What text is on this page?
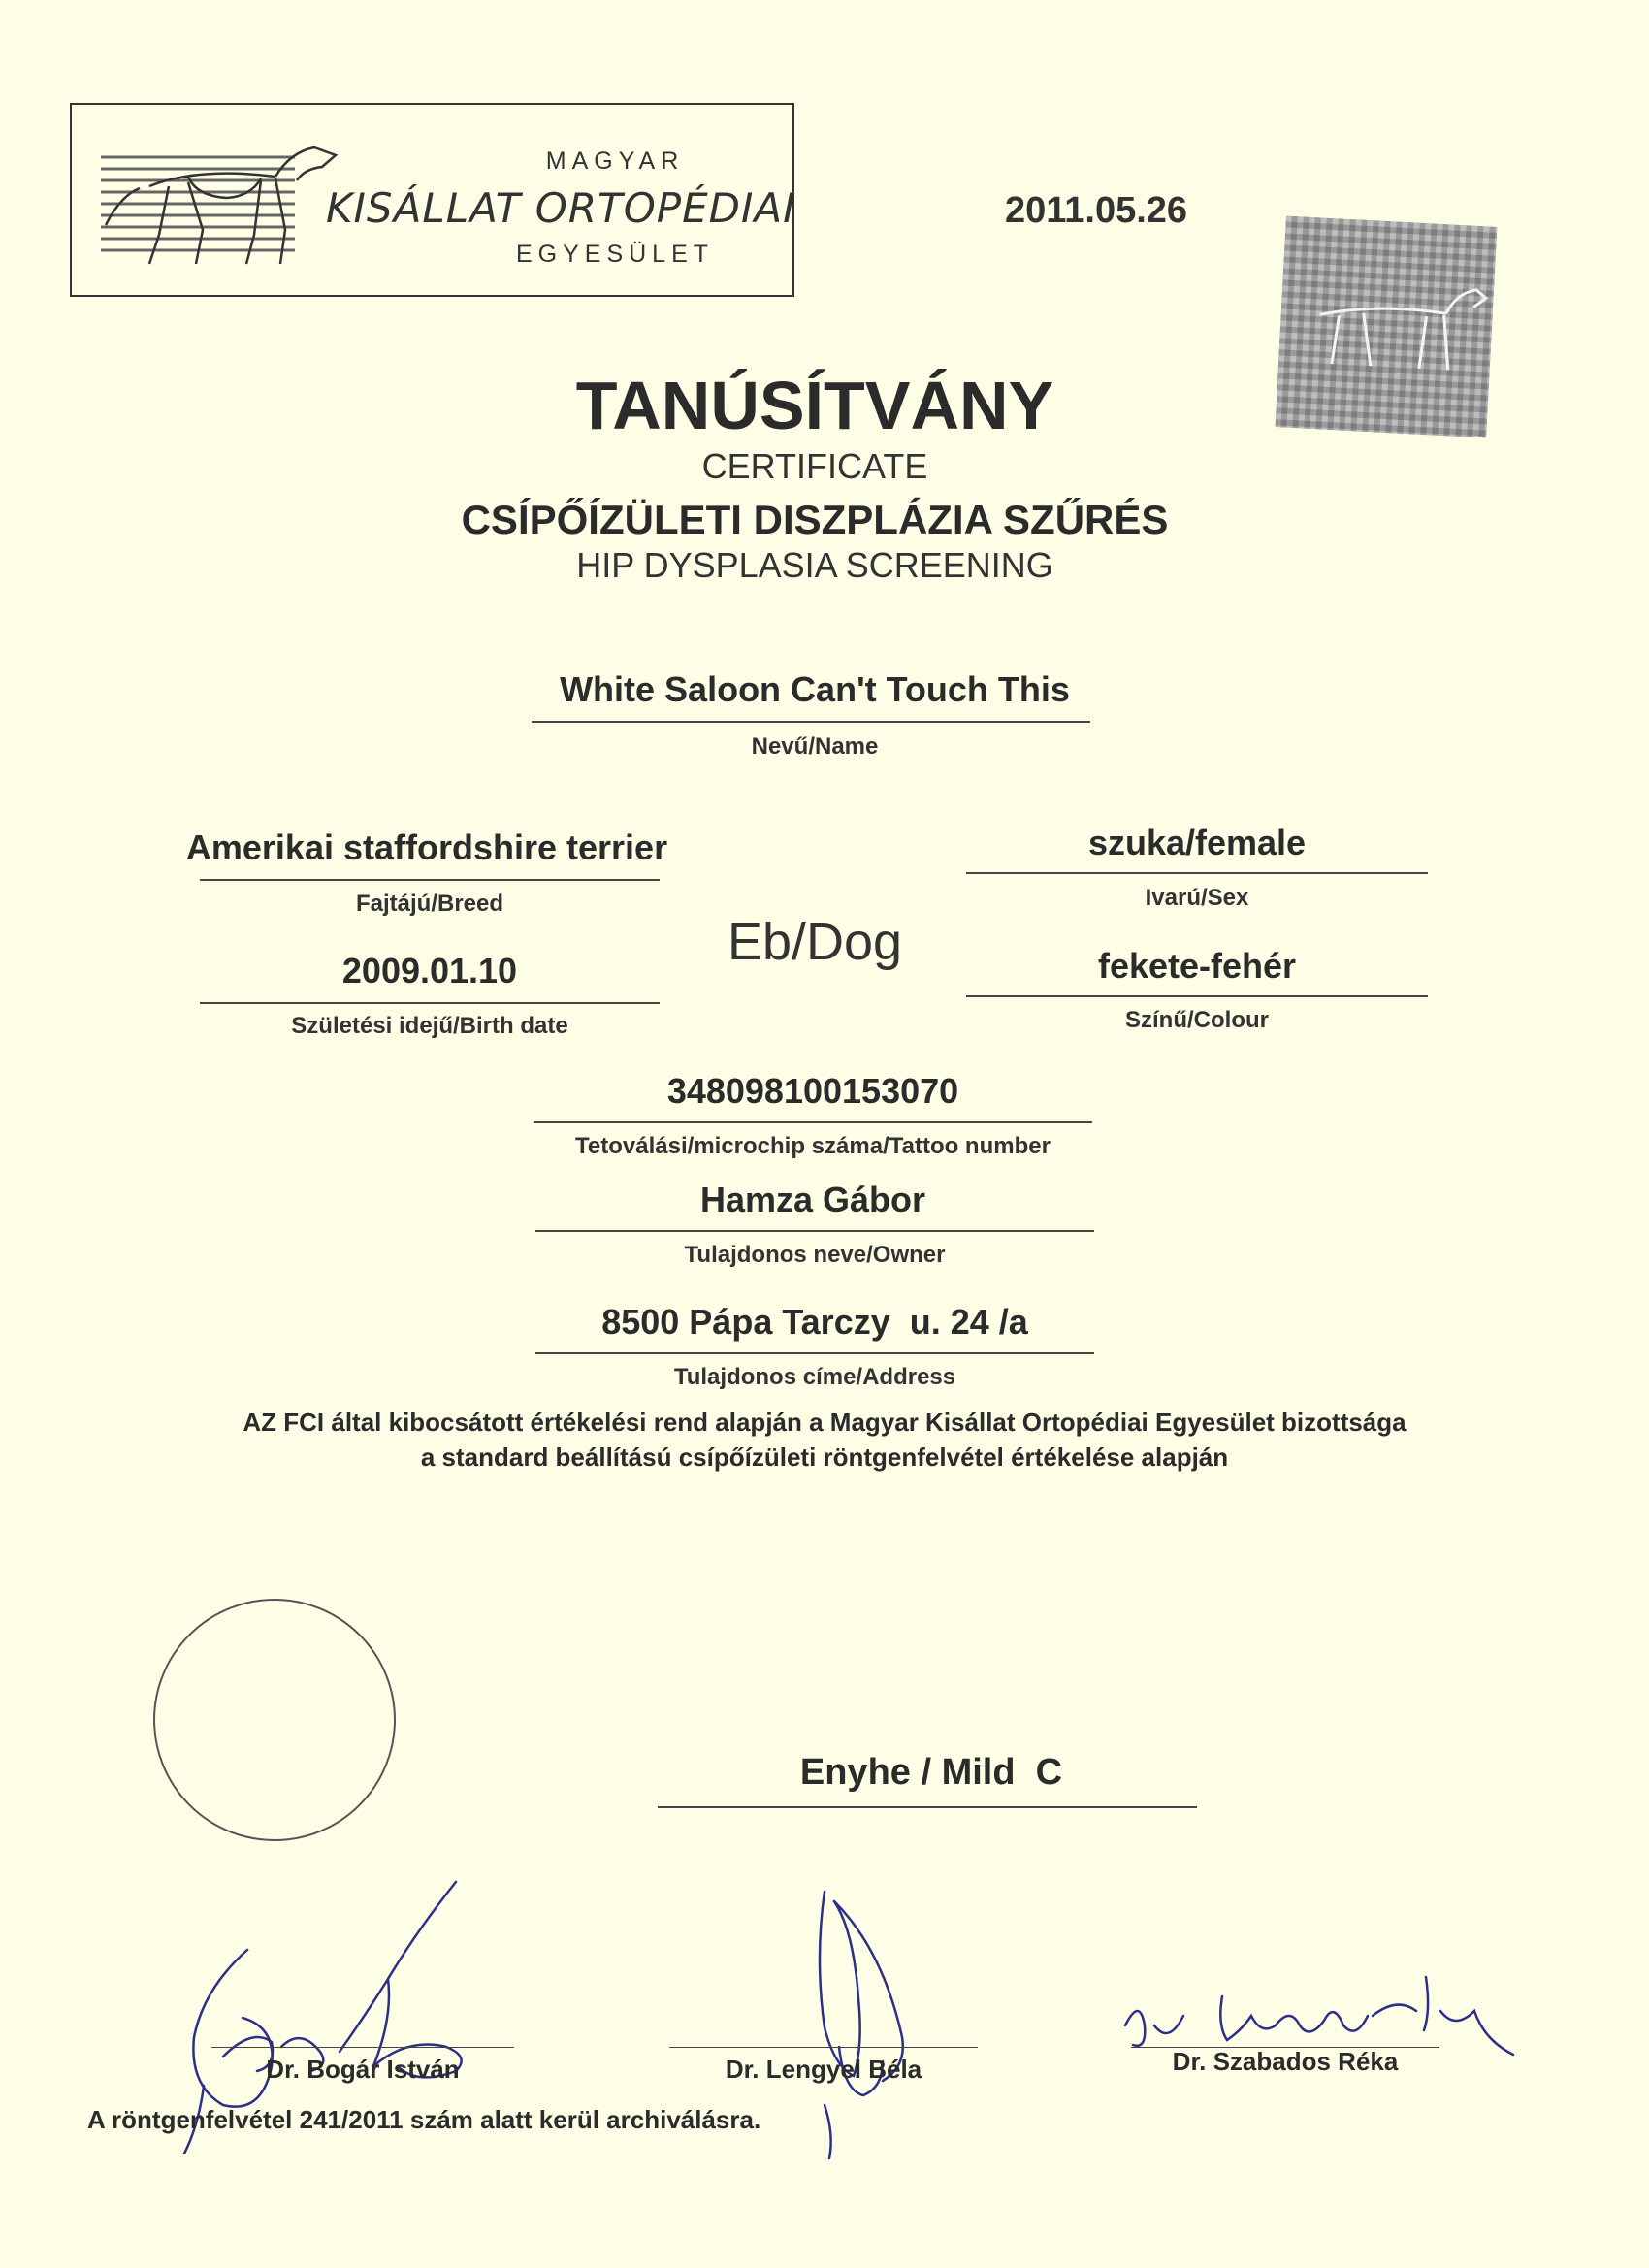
MAGYAR
KISÁLLAT ORTOPÉDIAI
EGYESÜLET
2011.05.26
TANÚSÍTVÁNY
CERTIFICATE
CSÍPŐÍZÜLETI DISZPLÁZIA SZŰRÉS
HIP DYSPLASIA SCREENING
White Saloon Can't Touch This
Nevű/Name
Amerikai staffordshire terrier
Fajtájú/Breed
szuka/female
Ivarú/Sex
Eb/Dog
2009.01.10
Születési idejű/Birth date
fekete-fehér
Színű/Colour
348098100153070
Tetoválási/microchip száma/Tattoo number
Hamza Gábor
Tulajdonos neve/Owner
8500 Pápa Tarczy  u. 24 /a
Tulajdonos címe/Address
AZ FCI által kibocsátott értékelési rend alapján a Magyar Kisállat Ortopédiai Egyesület bizottsága
a standard beállítású csípőízületi röntgenfelvétel értékelése alapján
Enyhe / Mild  C
Dr. Bogár István	Dr. Lengyel Béla	Dr. Szabados Réka
A röntgenfelvétel 241/2011 szám alatt kerül archiválásra.
